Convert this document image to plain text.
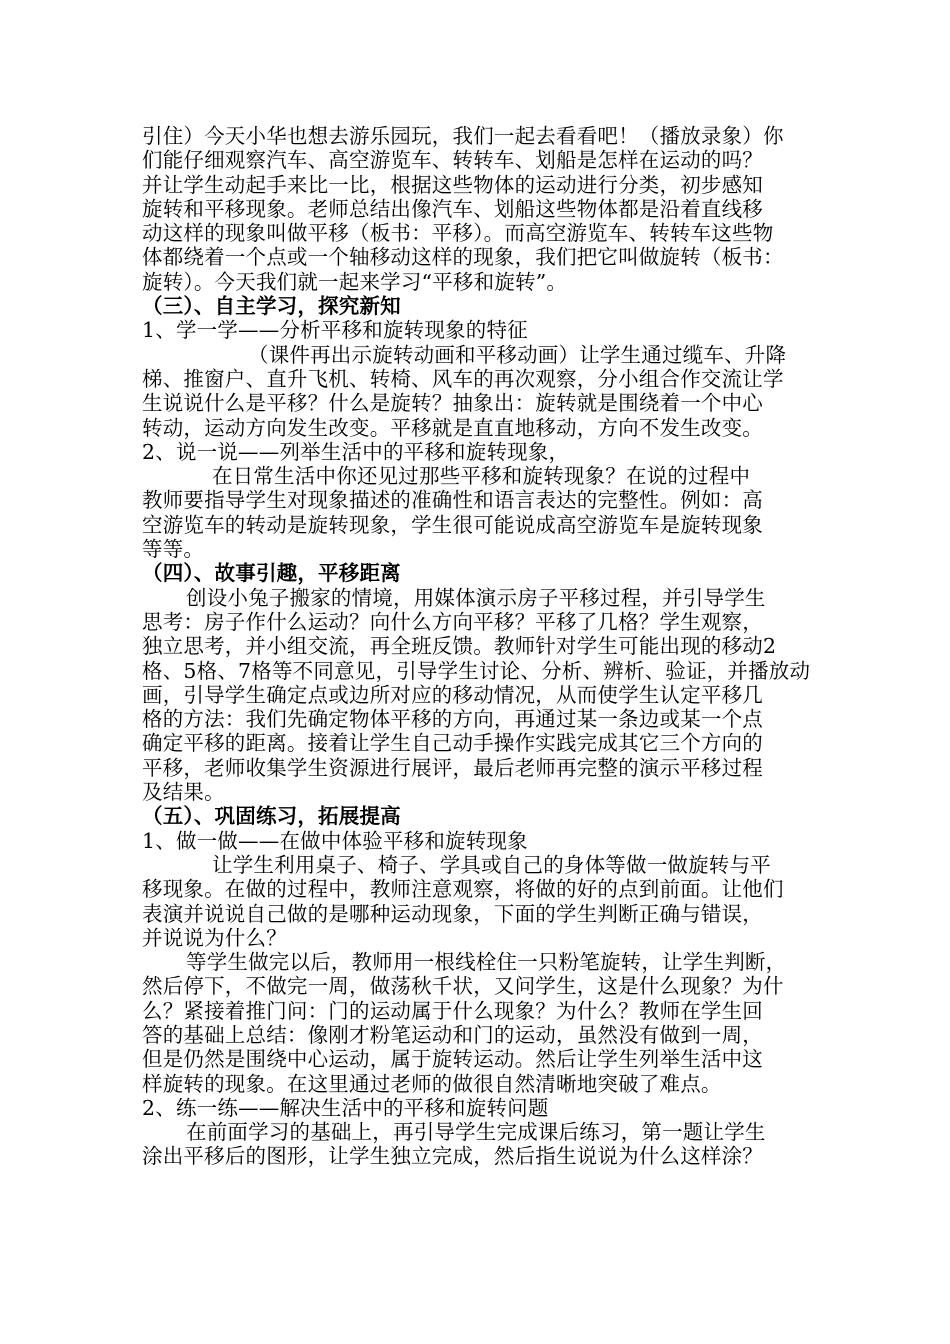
引住）今天小华也想去游乐园玩，我们一起去看看吧！（播放录象）你
们能仔细观察汽车、高空游览车、转转车、划船是怎样在运动的吗？
并让学生动起手来比一比，根据这些物体的运动进行分类，初步感知
旋转和平移现象。老师总结出像汽车、划船这些物体都是沿着直线移
动这样的现象叫做平移（板书：平移）。而高空游览车、转转车这些物
体都绕着一个点或一个轴移动这样的现象，我们把它叫做旋转（板书：
旋转）。今天我们就一起来学习“平移和旋转”。
（三）、自主学习，探究新知
1、学一学——分析平移和旋转现象的特征
（课件再出示旋转动画和平移动画）让学生通过缆车、升降
梯、推窗户、直升飞机、转椅、风车的再次观察，分小组合作交流让学
生说说什么是平移？什么是旋转？抽象出：旋转就是围绕着一个中心
转动，运动方向发生改变。平移就是直直地移动，方向不发生改变。
2、说一说——列举生活中的平移和旋转现象，
在日常生活中你还见过那些平移和旋转现象？在说的过程中
教师要指导学生对现象描述的准确性和语言表达的完整性。例如：高
空游览车的转动是旋转现象，学生很可能说成高空游览车是旋转现象
等等。
（四）、故事引趣，平移距离
创设小兔子搬家的情境，用媒体演示房子平移过程，并引导学生
思考：房子作什么运动？向什么方向平移？平移了几格？学生观察，
独立思考，并小组交流，再全班反馈。教师针对学生可能出现的移动2
格、5格、7格等不同意见，引导学生讨论、分析、辨析、验证，并播放动
画，引导学生确定点或边所对应的移动情况，从而使学生认定平移几
格的方法：我们先确定物体平移的方向，再通过某一条边或某一个点
确定平移的距离。接着让学生自己动手操作实践完成其它三个方向的
平移，老师收集学生资源进行展评，最后老师再完整的演示平移过程
及结果。
（五）、巩固练习，拓展提高
1、做一做——在做中体验平移和旋转现象
让学生利用桌子、椅子、学具或自己的身体等做一做旋转与平
移现象。在做的过程中，教师注意观察，将做的好的点到前面。让他们
表演并说说自己做的是哪种运动现象，下面的学生判断正确与错误，
并说说为什么？
等学生做完以后，教师用一根线栓住一只粉笔旋转，让学生判断，
然后停下，不做完一周，做荡秋千状，又问学生，这是什么现象？为什
么？紧接着推门问：门的运动属于什么现象？为什么？教师在学生回
答的基础上总结：像刚才粉笔运动和门的运动，虽然没有做到一周，
但是仍然是围绕中心运动，属于旋转运动。然后让学生列举生活中这
样旋转的现象。在这里通过老师的做很自然清晰地突破了难点。
2、练一练——解决生活中的平移和旋转问题
在前面学习的基础上，再引导学生完成课后练习，第一题让学生
涂出平移后的图形，让学生独立完成，然后指生说说为什么这样涂？
